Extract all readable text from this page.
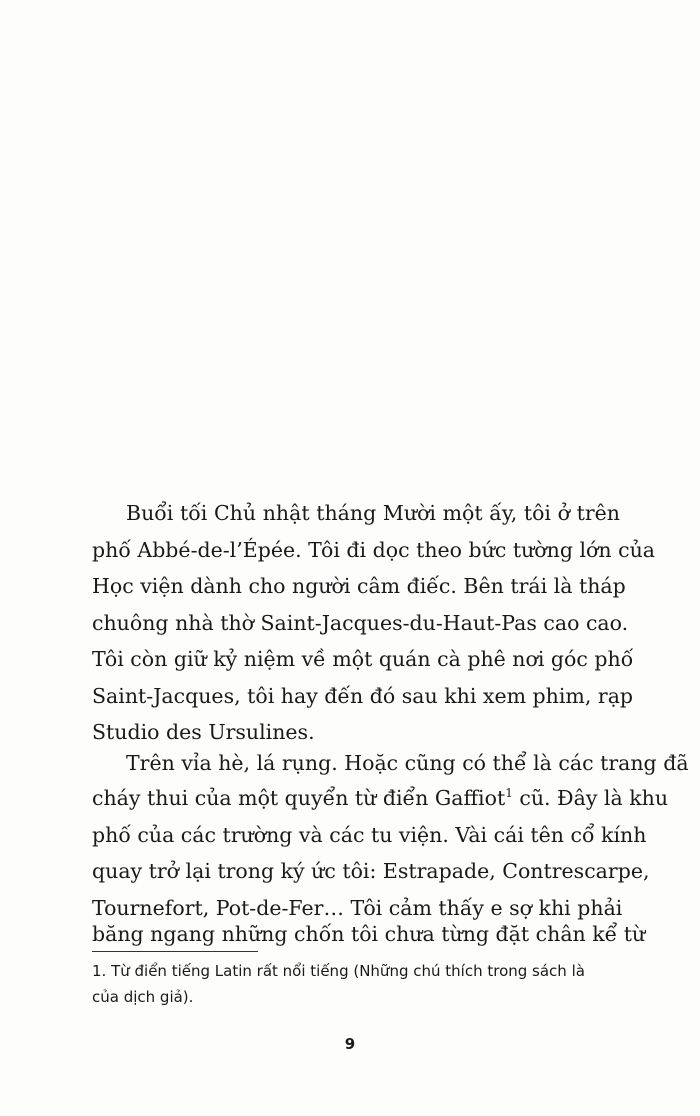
Buổi tối Chủ nhật tháng Mười một ấy, tôi ở trên
phố Abbé-de-l’Épée. Tôi đi dọc theo bức tường lớn của
Học viện dành cho người câm điếc. Bên trái là tháp
chuông nhà thờ Saint-Jacques-du-Haut-Pas cao cao.
Tôi còn giữ kỷ niệm về một quán cà phê nơi góc phố
Saint-Jacques, tôi hay đến đó sau khi xem phim, rạp
Studio des Ursulines.
Trên vỉa hè, lá rụng. Hoặc cũng có thể là các trang đã
cháy thui của một quyển từ điển Gaffiot$^1$ cũ. Đây là khu
phố của các trường và các tu viện. Vài cái tên cổ kính
quay trở lại trong ký ức tôi: Estrapade, Contrescarpe,
Tournefort, Pot-de-Fer… Tôi cảm thấy e sợ khi phải
băng ngang những chốn tôi chưa từng đặt chân kể từ
1. Từ điển tiếng Latin rất nổi tiếng (Những chú thích trong sách là
của dịch giả).
9
